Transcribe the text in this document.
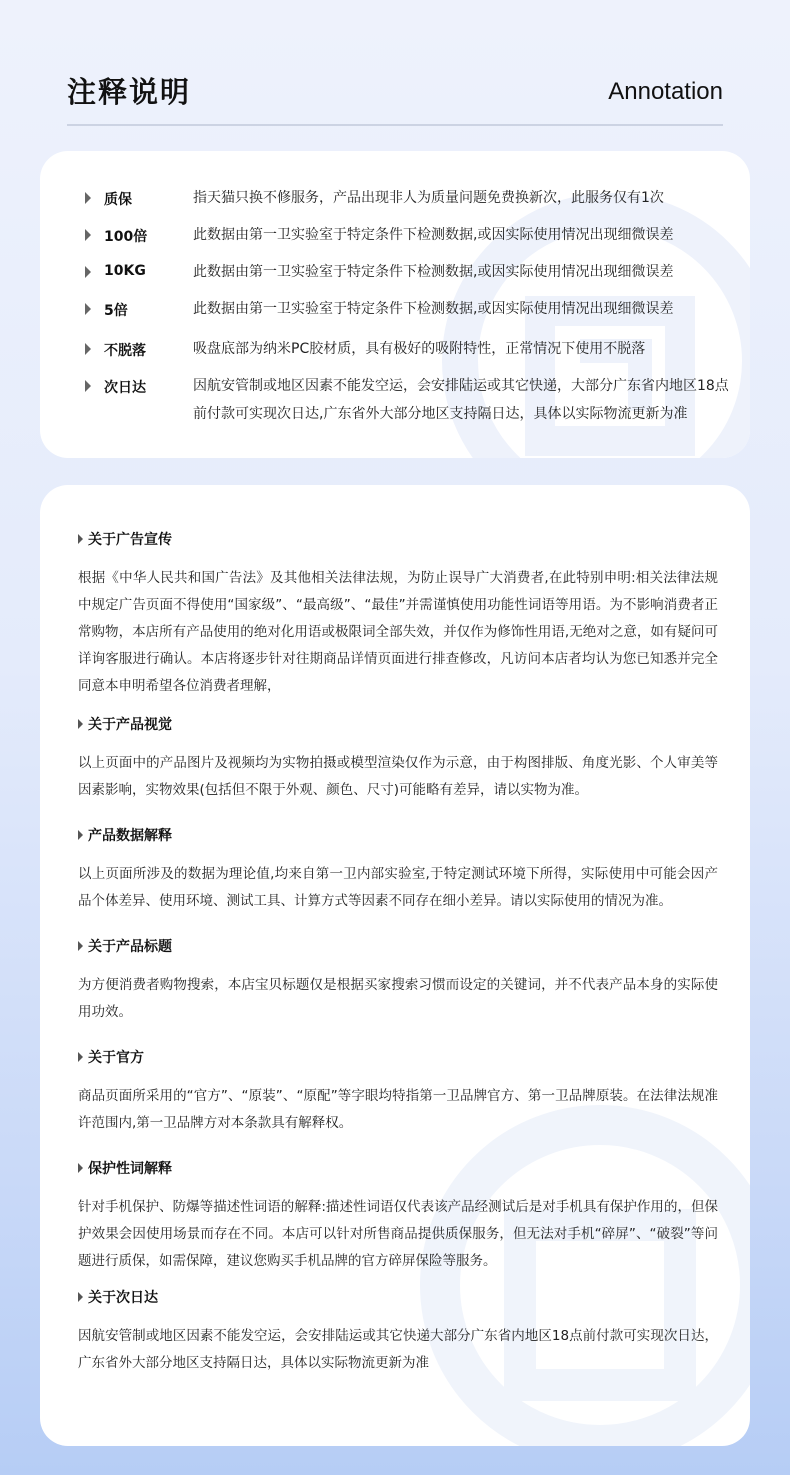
注释说明	Annotation
质保	指天猫只换不修服务，产品出现非人为质量问题免费换新次，此服务仅有1次
100倍	此数据由第一卫实验室于特定条件下检测数据,或因实际使用情况出现细微误差
10KG	此数据由第一卫实验室于特定条件下检测数据,或因实际使用情况出现细微误差
5倍	此数据由第一卫实验室于特定条件下检测数据,或因实际使用情况出现细微误差
不脱落	吸盘底部为纳米PC胶材质，具有极好的吸附特性，正常情况下使用不脱落
次日达	因航安管制或地区因素不能发空运，会安排陆运或其它快递，大部分广东省内地区18点前付款可实现次日达,广东省外大部分地区支持隔日达，具体以实际物流更新为准
关于广告宣传
根据《中华人民共和国广告法》及其他相关法律法规，为防止误导广大消费者,在此特别申明:相关法律法规中规定广告页面不得使用“国家级”、“最高级”、“最佳”并需谨慎使用功能性词语等用语。为不影响消费者正常购物，本店所有产品使用的绝对化用语或极限词全部失效，并仅作为修饰性用语,无绝对之意，如有疑问可详询客服进行确认。本店将逐步针对往期商品详情页面进行排查修改，凡访问本店者均认为您已知悉并完全同意本申明希望各位消费者理解，
关于产品视觉
以上页面中的产品图片及视频均为实物拍摄或模型渲染仅作为示意，由于构图排版、角度光影、个人审美等因素影响，实物效果(包括但不限于外观、颜色、尺寸)可能略有差异，请以实物为准。
产品数据解释
以上页面所涉及的数据为理论值,均来自第一卫内部实验室,于特定测试环境下所得，实际使用中可能会因产品个体差异、使用环境、测试工具、计算方式等因素不同存在细小差异。请以实际使用的情况为准。
关于产品标题
为方便消费者购物搜索，本店宝贝标题仅是根据买家搜索习惯而设定的关键词，并不代表产品本身的实际使用功效。
关于官方
商品页面所采用的“官方”、“原装”、“原配”等字眼均特指第一卫品牌官方、第一卫品牌原装。在法律法规准许范围内,第一卫品牌方对本条款具有解释权。
保护性词解释
针对手机保护、防爆等描述性词语的解释:描述性词语仅代表该产品经测试后是对手机具有保护作用的，但保护效果会因使用场景而存在不同。本店可以针对所售商品提供质保服务，但无法对手机“碎屏”、“破裂”等问题进行质保，如需保障，建议您购买手机品牌的官方碎屏保险等服务。
关于次日达
因航安管制或地区因素不能发空运，会安排陆运或其它快递大部分广东省内地区18点前付款可实现次日达，广东省外大部分地区支持隔日达，具体以实际物流更新为准
